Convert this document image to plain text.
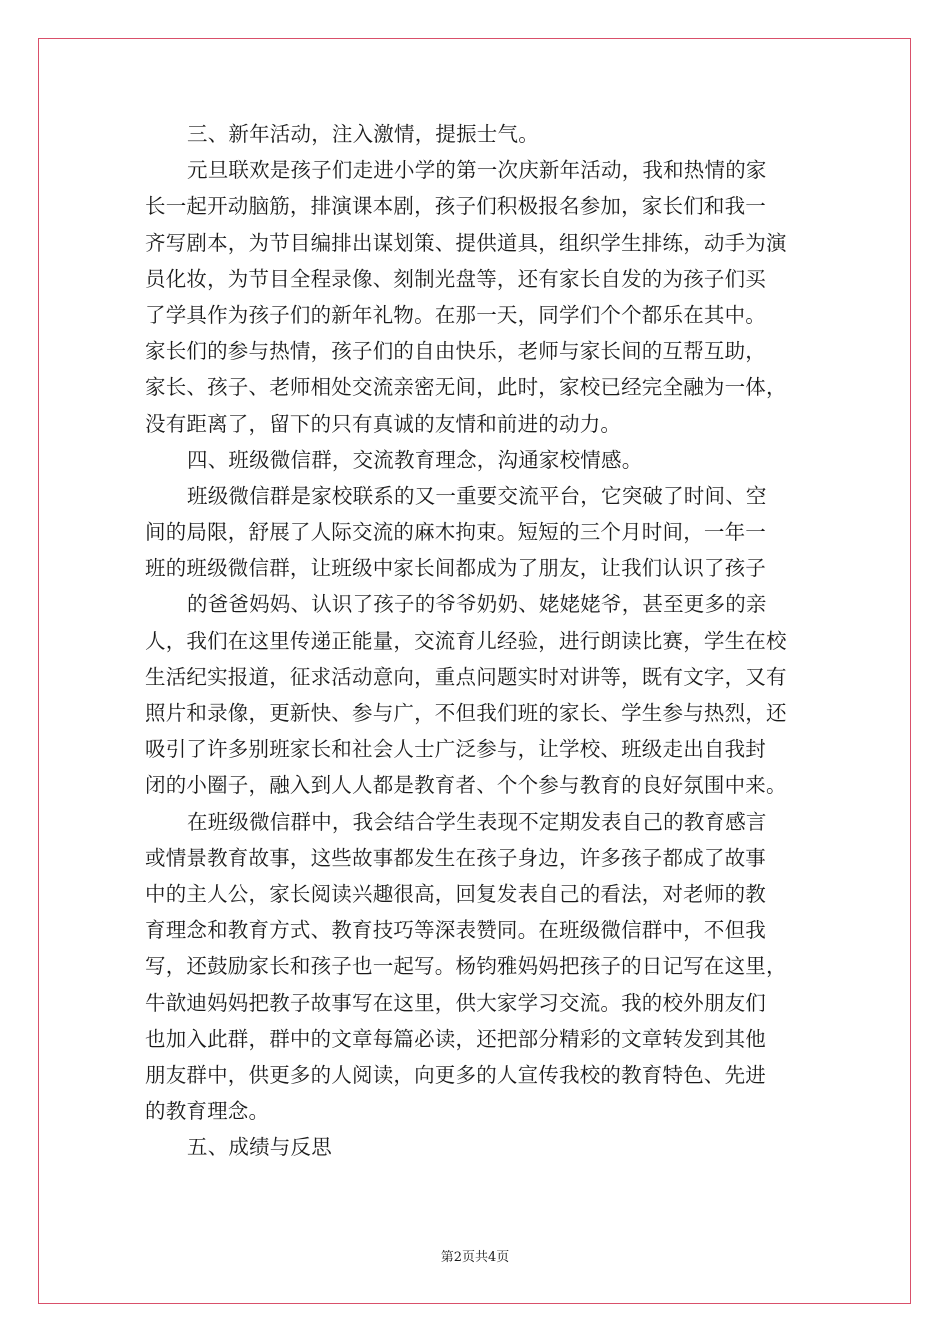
三、新年活动，注入激情，提振士气。
元旦联欢是孩子们走进小学的第一次庆新年活动，我和热情的家
长一起开动脑筋，排演课本剧，孩子们积极报名参加，家长们和我一
齐写剧本，为节目编排出谋划策、提供道具，组织学生排练，动手为演
员化妆，为节目全程录像、刻制光盘等，还有家长自发的为孩子们买
了学具作为孩子们的新年礼物。在那一天，同学们个个都乐在其中。
家长们的参与热情，孩子们的自由快乐，老师与家长间的互帮互助，
家长、孩子、老师相处交流亲密无间，此时，家校已经完全融为一体，
没有距离了，留下的只有真诚的友情和前进的动力。
四、班级微信群，交流教育理念，沟通家校情感。
班级微信群是家校联系的又一重要交流平台，它突破了时间、空
间的局限，舒展了人际交流的麻木拘束。短短的三个月时间，一年一
班的班级微信群，让班级中家长间都成为了朋友，让我们认识了孩子
的爸爸妈妈、认识了孩子的爷爷奶奶、姥姥姥爷，甚至更多的亲
人，我们在这里传递正能量，交流育儿经验，进行朗读比赛，学生在校
生活纪实报道，征求活动意向，重点问题实时对讲等，既有文字，又有
照片和录像，更新快、参与广，不但我们班的家长、学生参与热烈，还
吸引了许多别班家长和社会人士广泛参与，让学校、班级走出自我封
闭的小圈子，融入到人人都是教育者、个个参与教育的良好氛围中来。
在班级微信群中，我会结合学生表现不定期发表自己的教育感言
或情景教育故事，这些故事都发生在孩子身边，许多孩子都成了故事
中的主人公，家长阅读兴趣很高，回复发表自己的看法，对老师的教
育理念和教育方式、教育技巧等深表赞同。在班级微信群中，不但我
写，还鼓励家长和孩子也一起写。杨钧雅妈妈把孩子的日记写在这里，
牛歆迪妈妈把教子故事写在这里，供大家学习交流。我的校外朋友们
也加入此群，群中的文章每篇必读，还把部分精彩的文章转发到其他
朋友群中，供更多的人阅读，向更多的人宣传我校的教育特色、先进
的教育理念。
五、成绩与反思
第2页共4页
